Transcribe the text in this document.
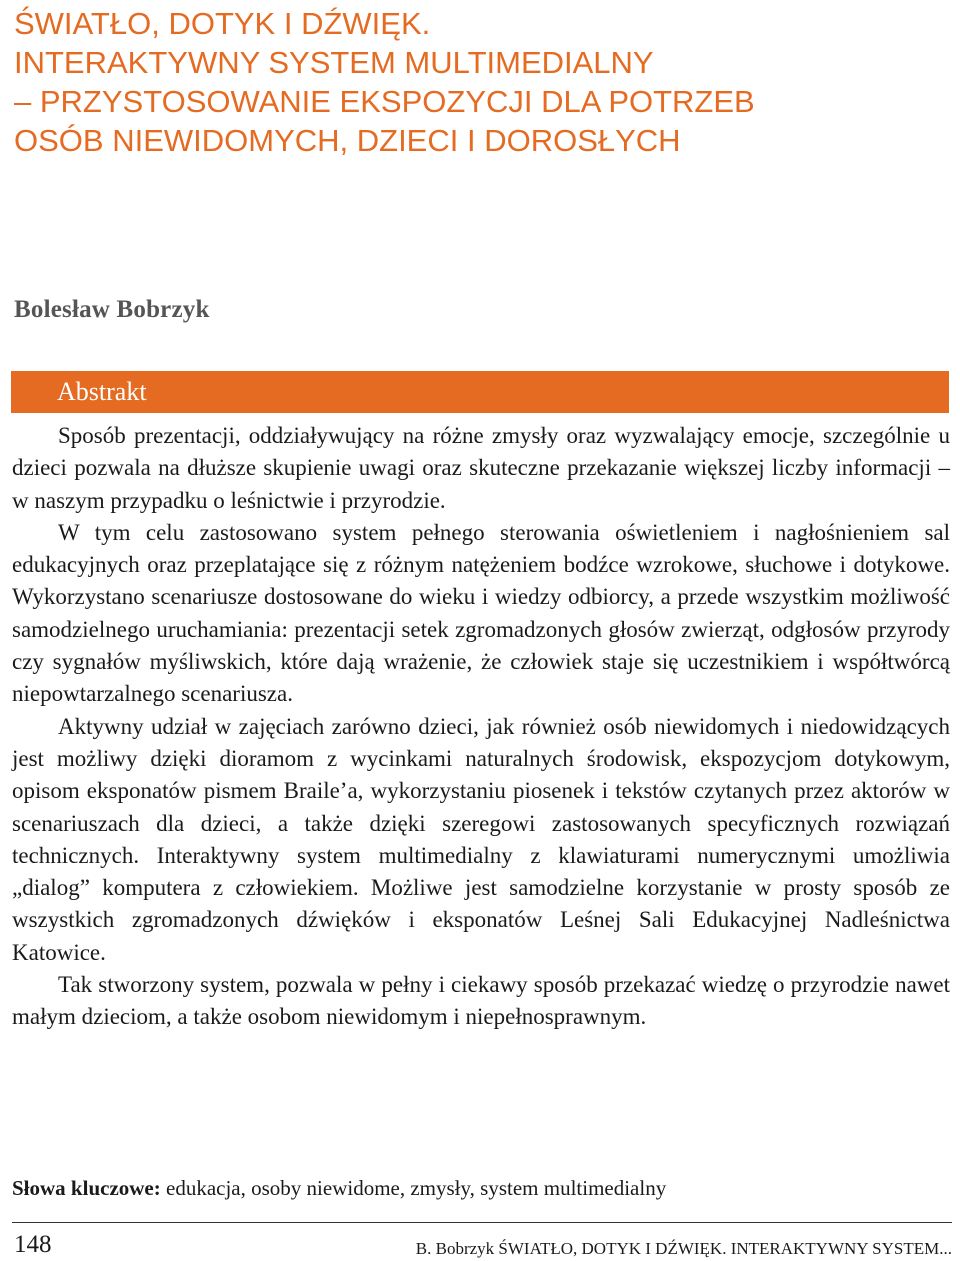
ŚWIATŁO, DOTYK I DŹWIĘK.
INTERAKTYWNY SYSTEM MULTIMEDIALNY
– PRZYSTOSOWANIE EKSPOZYCJI DLA POTRZEB
OSÓB NIEWIDOMYCH, DZIECI I DOROSŁYCH
Bolesław Bobrzyk
Abstrakt

Sposób prezentacji, oddziaływujący na różne zmysły oraz wyzwalający emocje, szczególnie u dzieci pozwala na dłuższe skupienie uwagi oraz skuteczne przekazanie większej liczby informacji – w naszym przypadku o leśnictwie i przyrodzie.

W tym celu zastosowano system pełnego sterowania oświetleniem i nagłośnieniem sal edukacyjnych oraz przeplatające się z różnym natężeniem bodźce wzrokowe, słuchowe i dotykowe. Wykorzystano scenariusze dostosowane do wieku i wiedzy odbiorcy, a przede wszystkim możliwość samodzielnego uruchamiania: prezentacji setek zgromadzonych głosów zwierząt, odgłosów przyrody czy sygnałów myśliwskich, które dają wrażenie, że człowiek staje się uczestnikiem i współtwórcą niepowtarzalnego scenariusza.

Aktywny udział w zajęciach zarówno dzieci, jak również osób niewidomych i niedowidzących jest możliwy dzięki dioramom z wycinkami naturalnych środowisk, ekspozycjom dotykowym, opisom eksponatów pismem Braile’a, wykorzystaniu piosenek i tekstów czytanych przez aktorów w scenariuszach dla dzieci, a także dzięki szeregowi zastosowanych specyficznych rozwiązań technicznych. Interaktywny system multimedialny z klawiaturami numerycznymi umożliwia „dialog” komputera z człowiekiem. Możliwe jest samodzielne korzystanie w prosty sposób ze wszystkich zgromadzonych dźwięków i eksponatów Leśnej Sali Edukacyjnej Nadleśnictwa Katowice.

Tak stworzony system, pozwala w pełny i ciekawy sposób przekazać wiedzę o przyrodzie nawet małym dzieciom, a także osobom niewidomym i niepełnosprawnym.

Słowa kluczowe: edukacja, osoby niewidome, zmysły, system multimedialny
148	B. Bobrzyk ŚWIATŁO, DOTYK I DŹWIĘK. INTERAKTYWNY SYSTEM...
